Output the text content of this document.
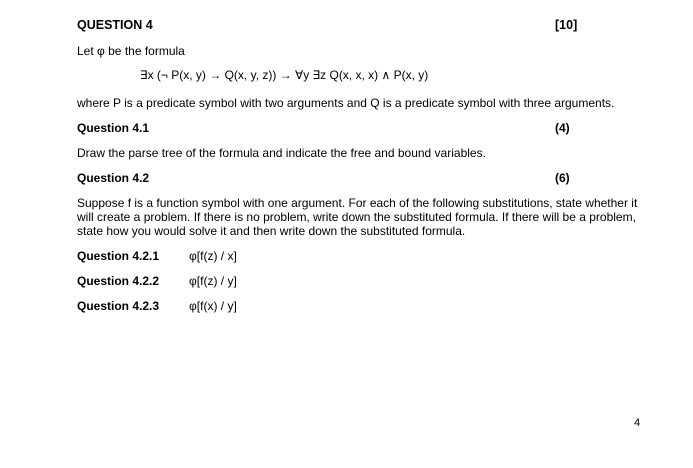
QUESTION 4	[10]
Let φ be the formula
∃x (¬ P(x, y) → Q(x, y, z)) → ∀y ∃z Q(x, x, x) ∧ P(x, y)
where P is a predicate symbol with two arguments and Q is a predicate symbol with three arguments.
Question 4.1	(4)
Draw the parse tree of the formula and indicate the free and bound variables.
Question 4.2	(6)
Suppose f is a function symbol with one argument. For each of the following substitutions, state whether it will create a problem. If there is no problem, write down the substituted formula. If there will be a problem, state how you would solve it and then write down the substituted formula.
Question 4.2.1 φ[f(z) / x]
Question 4.2.2 φ[f(z) / y]
Question 4.2.3 φ[f(x) / y]
4
